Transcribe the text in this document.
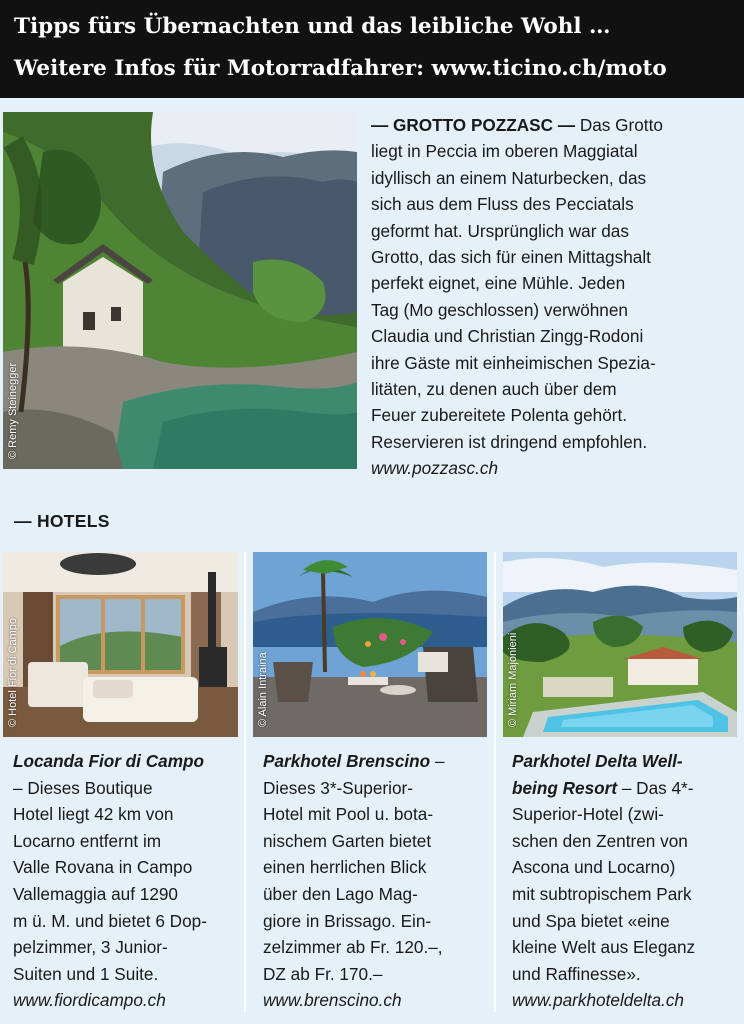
Tipps fürs Übernachten und das leibliche Wohl …
Weitere Infos für Motorradfahrer: www.ticino.ch/moto
© Remy Steinegger
— GROTTO POZZASC — Das Grotto
liegt in Peccia im oberen Maggiatal
idyllisch an einem Naturbecken, das
sich aus dem Fluss des Pecciatals
geformt hat. Ursprünglich war das
Grotto, das sich für einen Mittagshalt
perfekt eignet, eine Mühle. Jeden
Tag (Mo geschlossen) verwöhnen
Claudia und Christian Zingg-Rodoni
ihre Gäste mit einheimischen Spezia-
litäten, zu denen auch über dem
Feuer zubereitete Polenta gehört.
Reservieren ist dringend empfohlen.
www.pozzasc.ch
— HOTELS
© Hotel Fior di Campo	© Alain Intraina	© Miriam Majonieni
Locanda Fior di Campo
– Dieses Boutique
Hotel liegt 42 km von
Locarno entfernt im
Valle Rovana in Campo
Vallemaggia auf 1290
m ü. M. und bietet 6 Dop-
pelzimmer, 3 Junior-
Suiten und 1 Suite.
www.fiordicampo.ch
Parkhotel Brenscino –
Dieses 3*-Superior-
Hotel mit Pool u. bota-
nischem Garten bietet
einen herrlichen Blick
über den Lago Mag-
giore in Brissago. Ein-
zelzimmer ab Fr. 120.–,
DZ ab Fr. 170.–
www.brenscino.ch
Parkhotel Delta Well-
being Resort – Das 4*-
Superior-Hotel (zwi-
schen den Zentren von
Ascona und Locarno)
mit subtropischem Park
und Spa bietet «eine
kleine Welt aus Eleganz
und Raffinesse».
www.parkhoteldelta.ch
